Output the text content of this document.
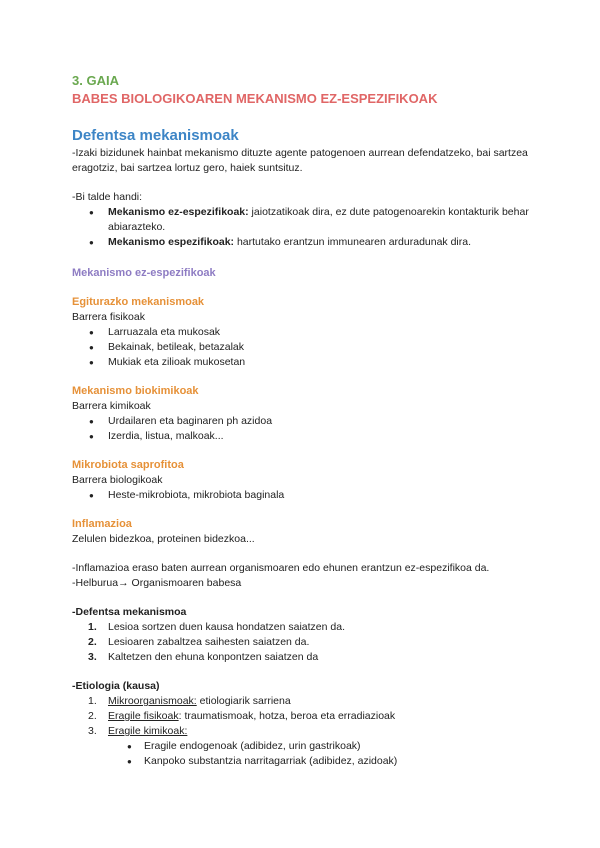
3. GAIA
BABES BIOLOGIKOAREN MEKANISMO EZ-ESPEZIFIKOAK
Defentsa mekanismoak
-Izaki bizidunek hainbat mekanismo dituzte agente patogenoen aurrean defendatzeko, bai sartzea eragotziz, bai sartzea lortuz gero, haiek suntsituz.
-Bi talde handi:
● Mekanismo ez-espezifikoak: jaiotzatikoak dira, ez dute patogenoarekin kontakturik behar abiarazteko.
● Mekanismo espezifikoak: hartutako erantzun immunearen arduradunak dira.
Mekanismo ez-espezifikoak
Egiturazko mekanismoak
Barrera fisikoak
● Larruazala eta mukosak
● Bekainak, betileak, betazalak
● Mukiak eta zilioak mukosetan
Mekanismo biokimikoak
Barrera kimikoak
● Urdailaren eta baginaren ph azidoa
● Izerdia, listua, malkoak...
Mikrobiota saprofitoa
Barrera biologikoak
● Heste-mikrobiota, mikrobiota baginala
Inflamazioa
Zelulen bidezkoa, proteinen bidezkoa...
-Inflamazioa eraso baten aurrean organismoaren edo ehunen erantzun ez-espezifikoa da.
-Helburua→ Organismoaren babesa
-Defentsa mekanismoa
1. Lesioa sortzen duen kausa hondatzen saiatzen da.
2. Lesioaren zabaltzea saihesten saiatzen da.
3. Kaltetzen den ehuna konpontzen saiatzen da
-Etiologia (kausa)
1. Mikroorganismoak: etiologiarik sarriena
2. Eragile fisikoak: traumatismoak, hotza, beroa eta erradiazioak
3. Eragile kimikoak:
● Eragile endogenoak (adibidez, urin gastrikoak)
● Kanpoko substantzia narritagarriak (adibidez, azidoak)
